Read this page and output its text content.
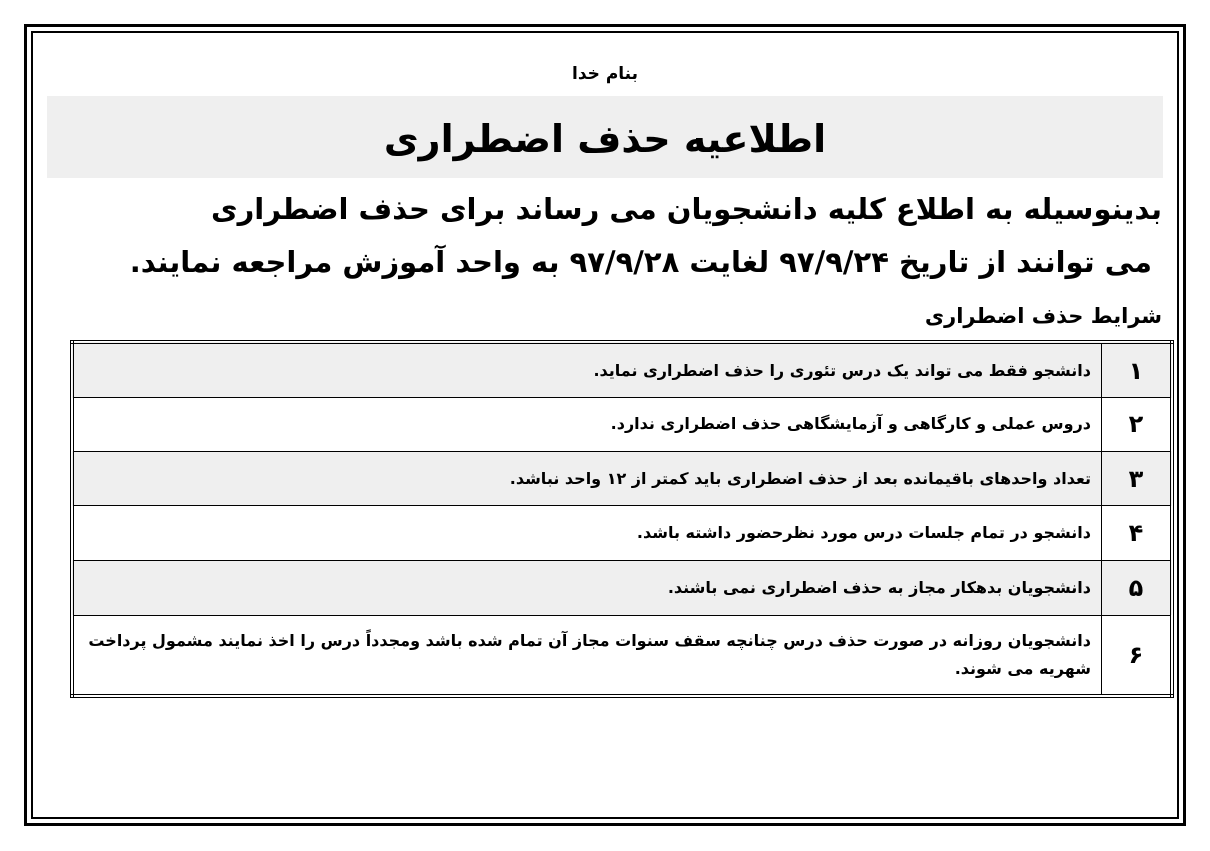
بنام خدا
اطلاعیه حذف اضطراری
بدینوسیله به اطلاع کلیه دانشجویان می رساند برای حذف اضطراری
می توانند از تاریخ ۹۷/۹/۲۴ لغایت ۹۷/۹/۲۸ به واحد آموزش مراجعه نمایند.
شرایط حذف اضطراری
۱	دانشجو فقط می تواند یک درس تئوری را حذف اضطراری نماید.
۲	دروس عملی و کارگاهی و آزمایشگاهی حذف اضطراری ندارد.
۳	تعداد واحدهای باقیمانده بعد از حذف اضطراری باید کمتر از ۱۲ واحد نباشد.
۴	دانشجو در تمام جلسات درس مورد نظرحضور داشته باشد.
۵	دانشجویان بدهکار مجاز به حذف اضطراری نمی باشند.
۶	دانشجویان روزانه در صورت حذف درس چنانچه سقف سنوات مجاز آن تمام شده باشد ومجدداً درس را اخذ نمایند مشمول پرداخت شهریه می شوند.
